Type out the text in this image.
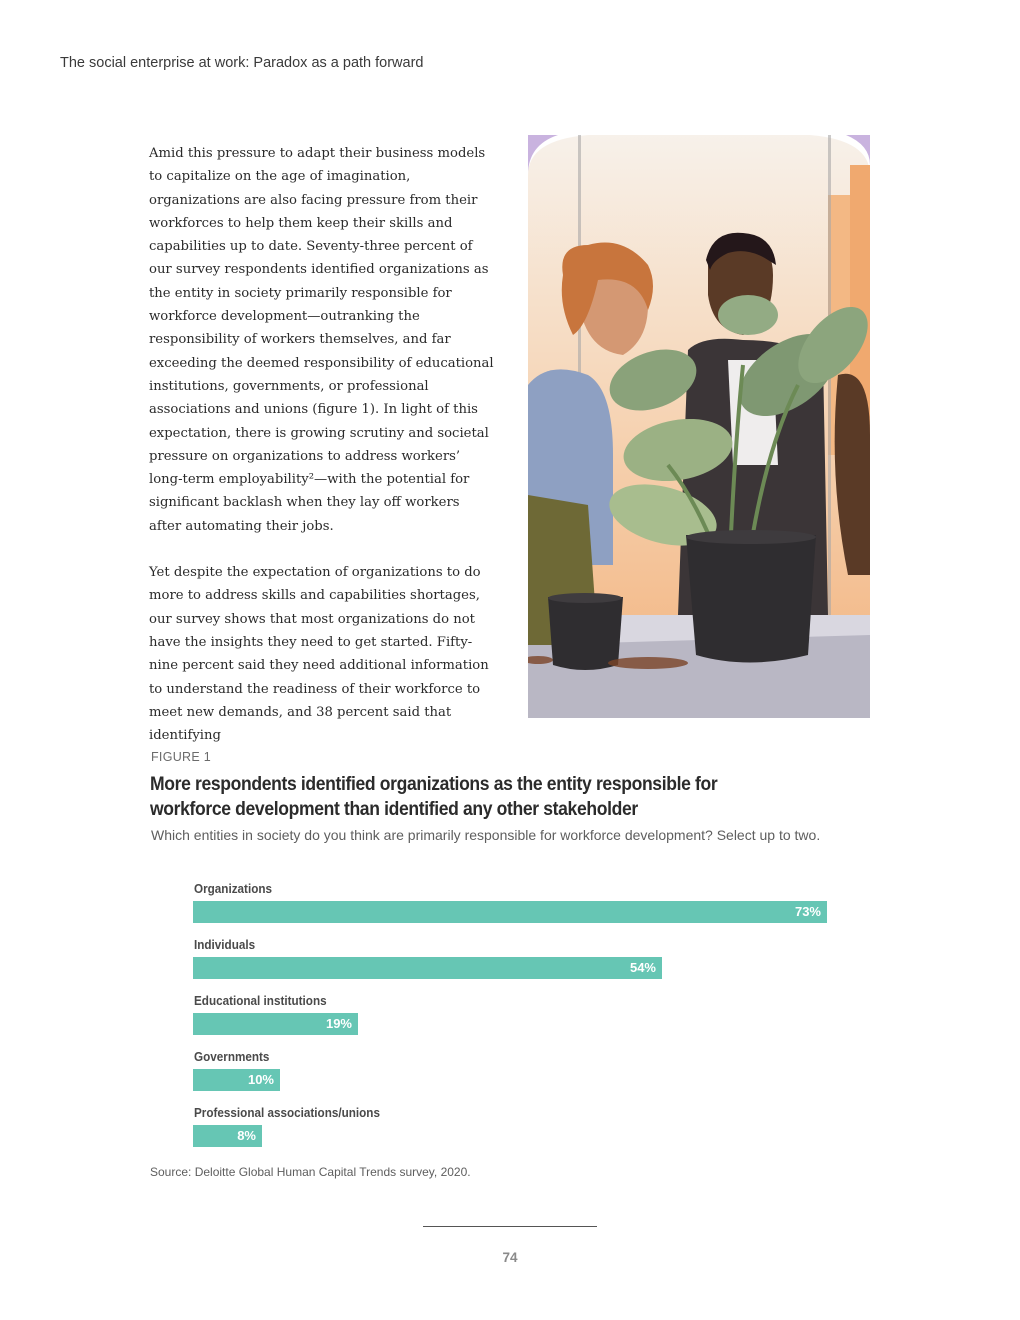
The social enterprise at work: Paradox as a path forward

Amid this pressure to adapt their business models to capitalize on the age of imagination, organizations are also facing pressure from their workforces to help them keep their skills and capabilities up to date. Seventy-three percent of our survey respondents identified organizations as the entity in society primarily responsible for workforce development—outranking the responsibility of workers themselves, and far exceeding the deemed responsibility of educational institutions, governments, or professional associations and unions (figure 1). In light of this expectation, there is growing scrutiny and societal pressure on organizations to address workers’ long-term employability²—with the potential for significant backlash when they lay off workers after automating their jobs.

Yet despite the expectation of organizations to do more to address skills and capabilities shortages, our survey shows that most organizations do not have the insights they need to get started. Fifty-nine percent said they need additional information to understand the readiness of their workforce to meet new demands, and 38 percent said that identifying

FIGURE 1
More respondents identified organizations as the entity responsible for workforce development than identified any other stakeholder
Which entities in society do you think are primarily responsible for workforce development? Select up to two.
Organizations
73%
Individuals
54%
Educational institutions
19%
Governments
10%
Professional associations/unions
8%
Source: Deloitte Global Human Capital Trends survey, 2020.
74
